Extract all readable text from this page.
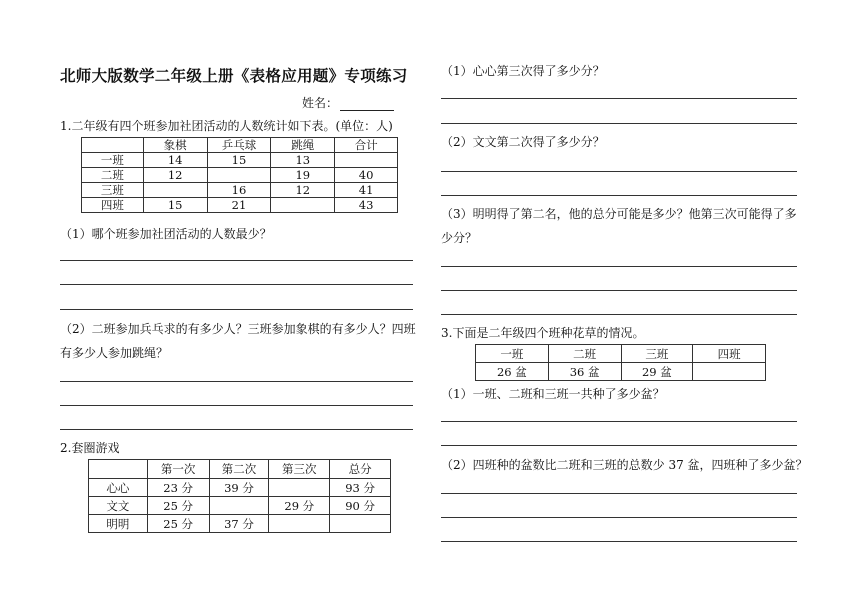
北师大版数学二年级上册《表格应用题》专项练习
姓名：
1.二年级有四个班参加社团活动的人数统计如下表。(单位：人)
	象棋	乒乓球	跳绳	合计
一班	14	15	13	
二班	12		19	40
三班		16	12	41
四班	15	21		43
（1）哪个班参加社团活动的人数最少？
（2）二班参加兵乓求的有多少人？三班参加象棋的有多少人？四班
有多少人参加跳绳？
2.套圈游戏
	第一次	第二次	第三次	总分
心心	23 分	39 分		93 分
文文	25 分		29 分	90 分
明明	25 分	37 分		
（1）心心第三次得了多少分？
（2）文文第二次得了多少分？
（3）明明得了第二名，他的总分可能是多少？他第三次可能得了多
少分？
3.下面是二年级四个班种花草的情况。
一班	二班	三班	四班
26 盆	36 盆	29 盆	
（1）一班、二班和三班一共种了多少盆？
（2）四班种的盆数比二班和三班的总数少 37 盆，四班种了多少盆？
